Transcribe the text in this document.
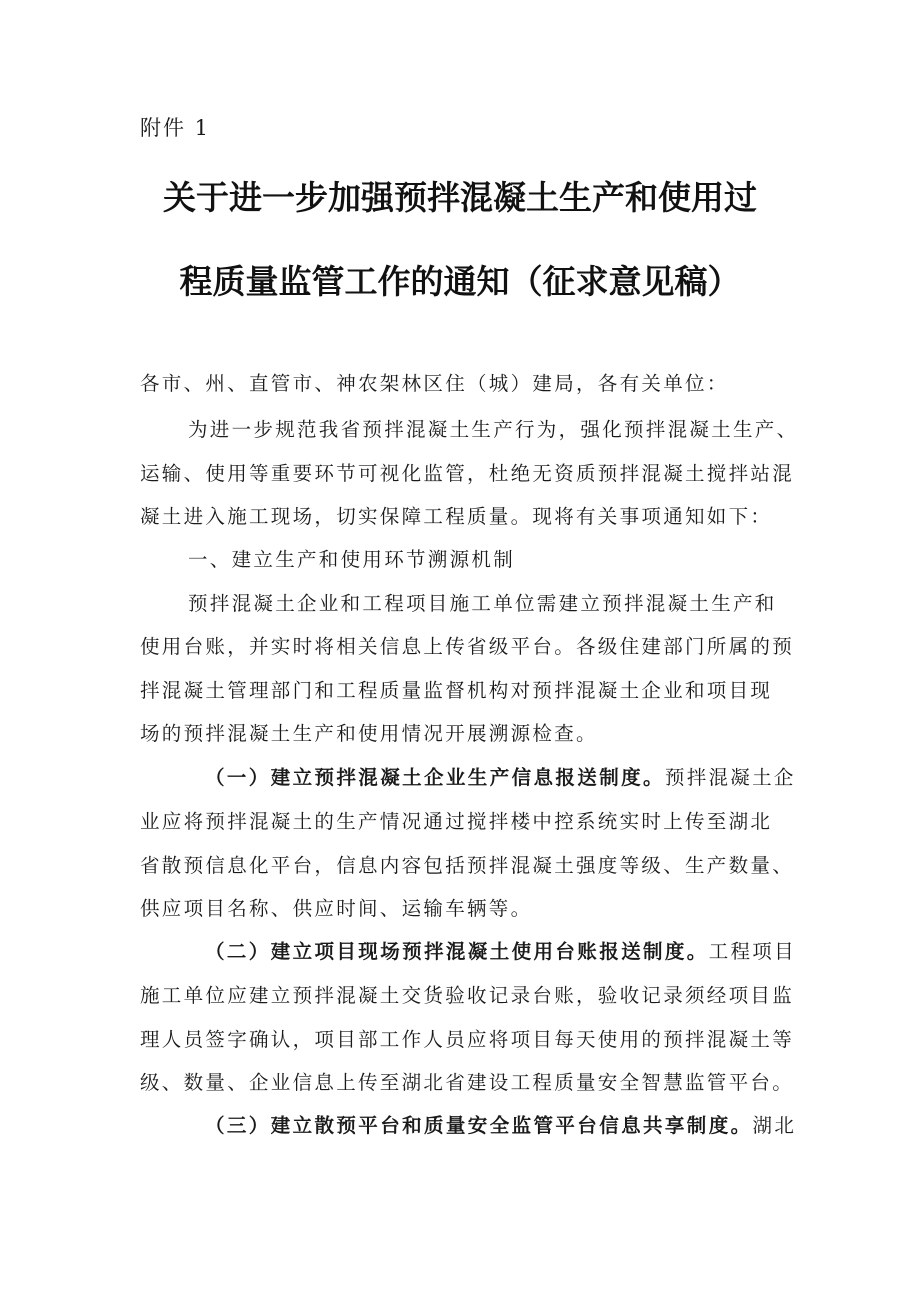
附件 1
关于进一步加强预拌混凝土生产和使用过
程质量监管工作的通知（征求意见稿）
各市、州、直管市、神农架林区住（城）建局，各有关单位：
为进一步规范我省预拌混凝土生产行为，强化预拌混凝土生产、
运输、使用等重要环节可视化监管，杜绝无资质预拌混凝土搅拌站混
凝土进入施工现场，切实保障工程质量。现将有关事项通知如下：
一、建立生产和使用环节溯源机制
预拌混凝土企业和工程项目施工单位需建立预拌混凝土生产和
使用台账，并实时将相关信息上传省级平台。各级住建部门所属的预
拌混凝土管理部门和工程质量监督机构对预拌混凝土企业和项目现
场的预拌混凝土生产和使用情况开展溯源检查。
（一）建立预拌混凝土企业生产信息报送制度。预拌混凝土企
业应将预拌混凝土的生产情况通过搅拌楼中控系统实时上传至湖北
省散预信息化平台，信息内容包括预拌混凝土强度等级、生产数量、
供应项目名称、供应时间、运输车辆等。
（二）建立项目现场预拌混凝土使用台账报送制度。工程项目
施工单位应建立预拌混凝土交货验收记录台账，验收记录须经项目监
理人员签字确认，项目部工作人员应将项目每天使用的预拌混凝土等
级、数量、企业信息上传至湖北省建设工程质量安全智慧监管平台。
（三）建立散预平台和质量安全监管平台信息共享制度。湖北
